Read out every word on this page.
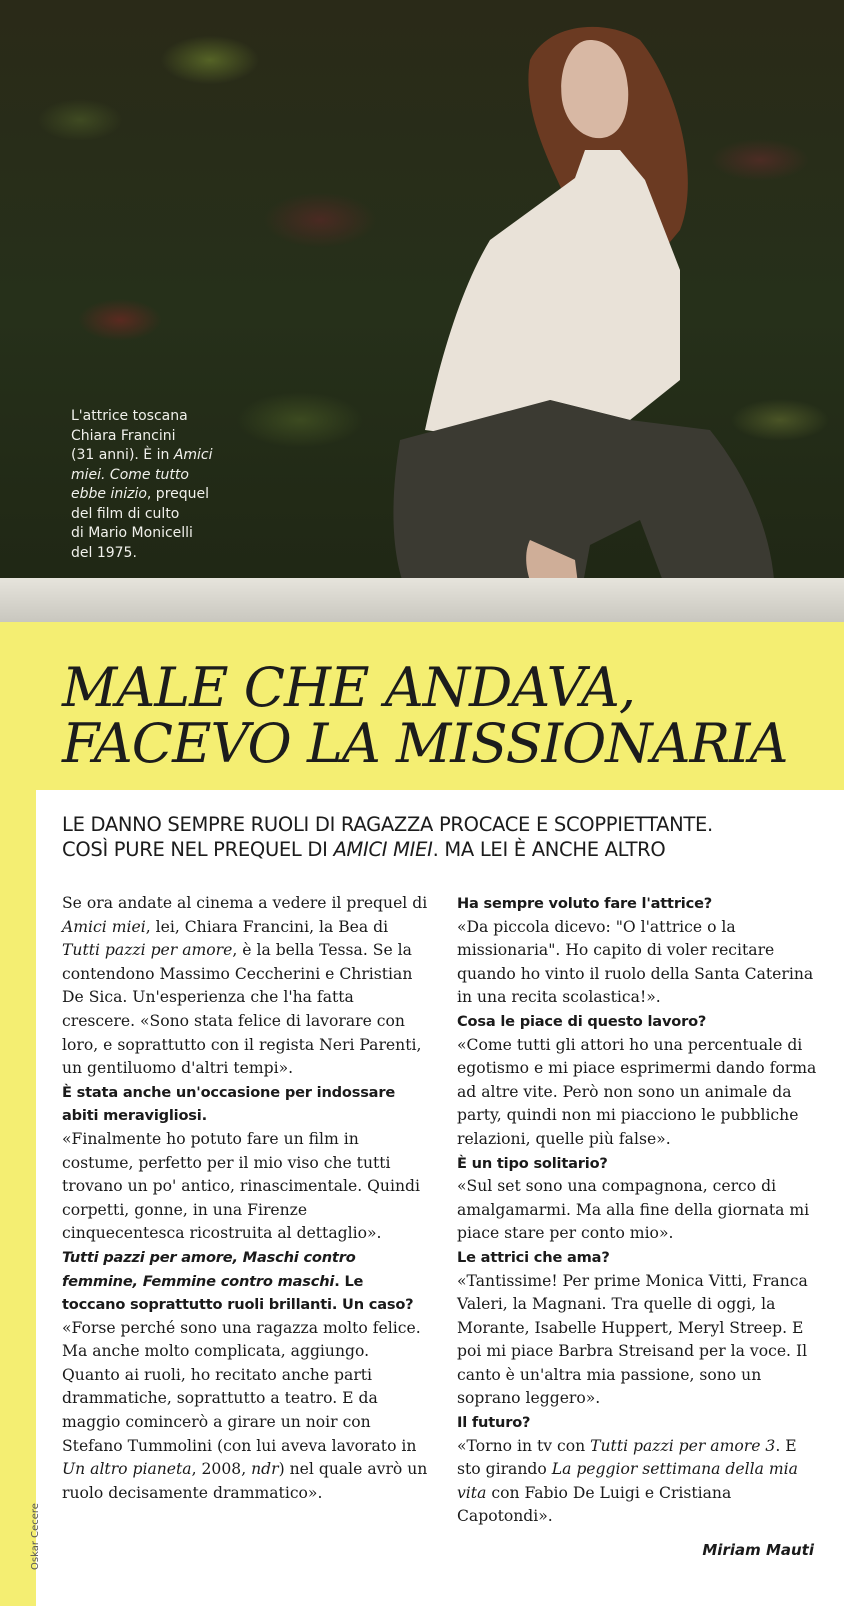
L'attrice toscana
Chiara Francini
(31 anni). È in Amici
miei. Come tutto
ebbe inizio, prequel
del film di culto
di Mario Monicelli
del 1975.
MALE CHE ANDAVA,
FACEVO LA MISSIONARIA
LE DANNO SEMPRE RUOLI DI RAGAZZA PROCACE E SCOPPIETTANTE.
COSÌ PURE NEL PREQUEL DI AMICI MIEI. MA LEI È ANCHE ALTRO

Se ora andate al cinema a vedere il prequel di Amici miei, lei, Chiara Francini, la Bea di Tutti pazzi per amore, è la bella Tessa. Se la contendono Massimo Ceccherini e Christian De Sica. Un'esperienza che l'ha fatta crescere. «Sono stata felice di lavorare con loro, e soprattutto con il regista Neri Parenti, un gentiluomo d'altri tempi».

È stata anche un'occasione per indossare abiti meravigliosi.

«Finalmente ho potuto fare un film in costume, perfetto per il mio viso che tutti trovano un po' antico, rinascimentale. Quindi corpetti, gonne, in una Firenze cinquecentesca ricostruita al dettaglio».

Tutti pazzi per amore, Maschi contro femmine, Femmine contro maschi. Le toccano soprattutto ruoli brillanti. Un caso?

«Forse perché sono una ragazza molto felice. Ma anche molto complicata, aggiungo. Quanto ai ruoli, ho recitato anche parti drammatiche, soprattutto a teatro. E da maggio comincerò a girare un noir con Stefano Tummolini (con lui aveva lavorato in Un altro pianeta, 2008, ndr) nel quale avrò un ruolo decisamente drammatico».

Ha sempre voluto fare l'attrice?

«Da piccola dicevo: "O l'attrice o la missionaria". Ho capito di voler recitare quando ho vinto il ruolo della Santa Caterina in una recita scolastica!».

Cosa le piace di questo lavoro?

«Come tutti gli attori ho una percentuale di egotismo e mi piace esprimermi dando forma ad altre vite. Però non sono un animale da party, quindi non mi piacciono le pubbliche relazioni, quelle più false».

È un tipo solitario?

«Sul set sono una compagnona, cerco di amalgamarmi. Ma alla fine della giornata mi piace stare per conto mio».

Le attrici che ama?

«Tantissime! Per prime Monica Vitti, Franca Valeri, la Magnani. Tra quelle di oggi, la Morante, Isabelle Huppert, Meryl Streep. E poi mi piace Barbra Streisand per la voce. Il canto è un'altra mia passione, sono un soprano leggero».

Il futuro?

«Torno in tv con Tutti pazzi per amore 3. E sto girando La peggior settimana della mia vita con Fabio De Luigi e Cristiana Capotondi».

Miriam Mauti
Oskar Cecere
